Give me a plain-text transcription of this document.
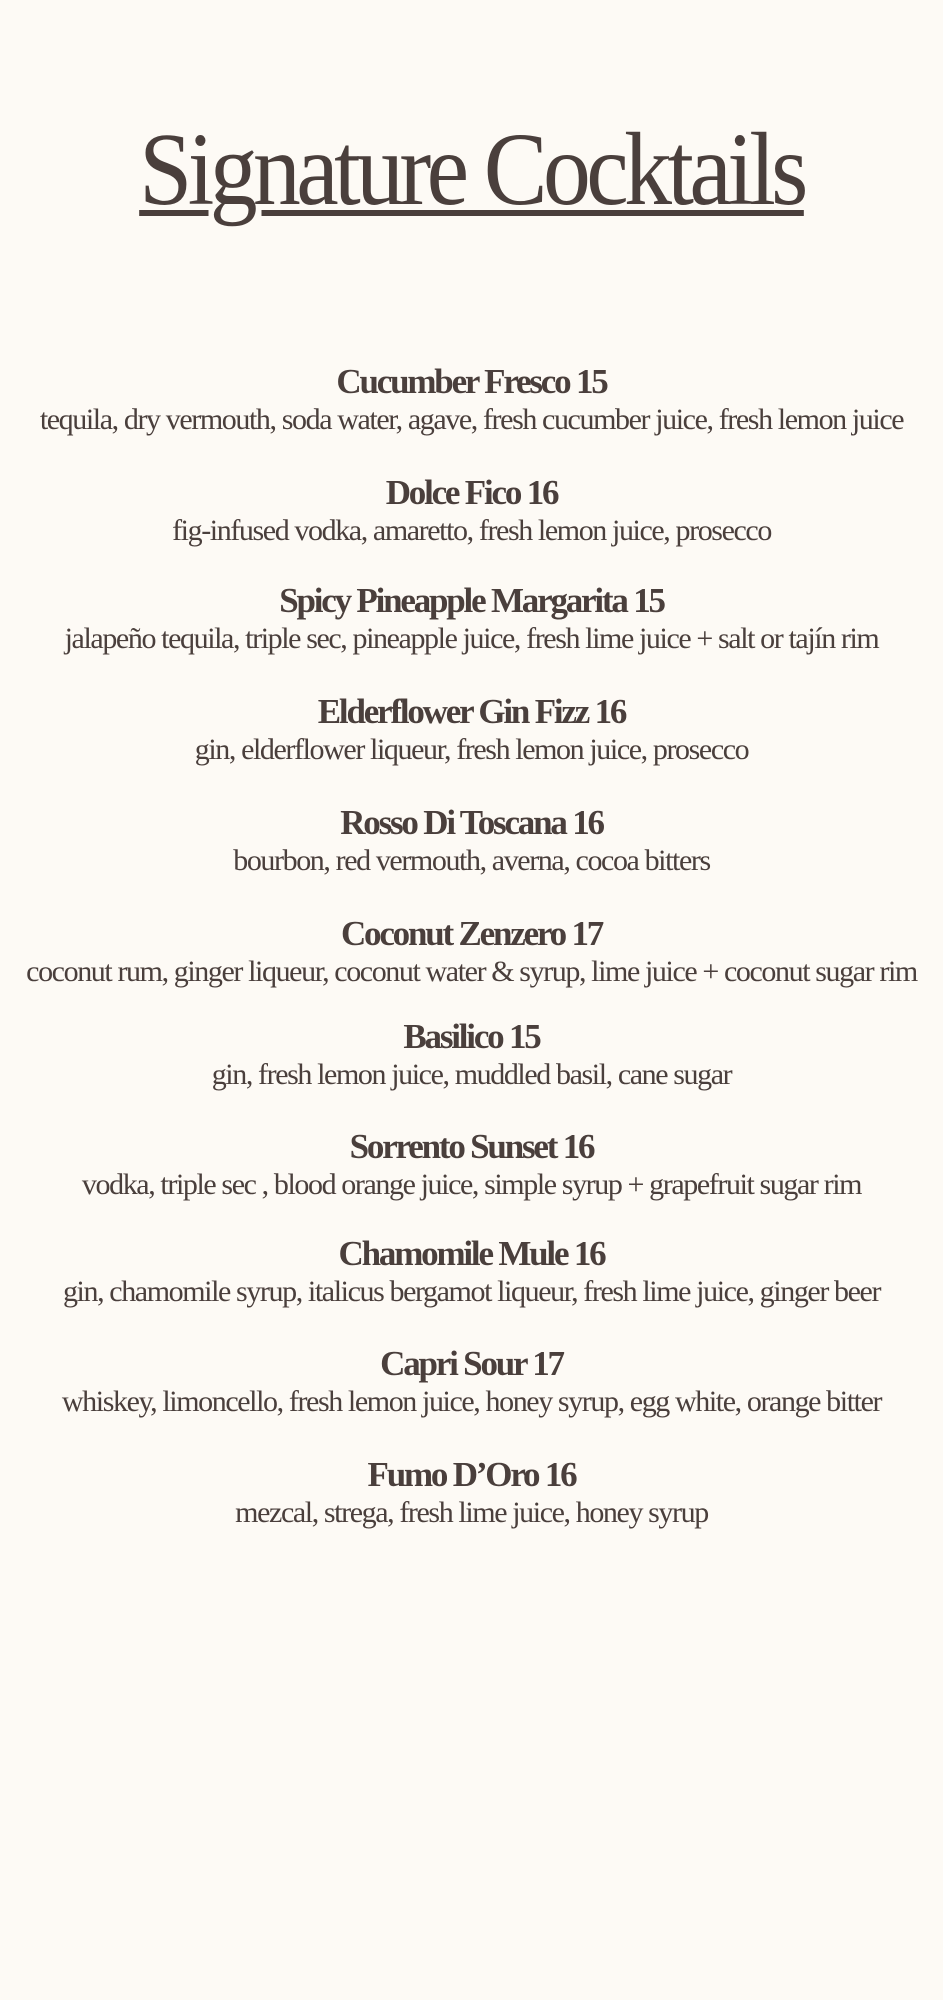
Signature Cocktails
Cucumber Fresco 15
tequila, dry vermouth, soda water, agave, fresh cucumber juice, fresh lemon juice
Dolce Fico 16
fig-infused vodka, amaretto, fresh lemon juice, prosecco
Spicy Pineapple Margarita 15
jalapeño tequila, triple sec, pineapple juice, fresh lime juice + salt or tajín rim
Elderflower Gin Fizz 16
gin, elderflower liqueur, fresh lemon juice, prosecco
Rosso Di Toscana 16
bourbon, red vermouth, averna, cocoa bitters
Coconut Zenzero 17
coconut rum, ginger liqueur, coconut water & syrup, lime juice + coconut sugar rim
Basilico 15
gin, fresh lemon juice, muddled basil, cane sugar
Sorrento Sunset 16
vodka, triple sec , blood orange juice, simple syrup + grapefruit sugar rim
Chamomile Mule 16
gin, chamomile syrup, italicus bergamot liqueur, fresh lime juice, ginger beer
Capri Sour 17
whiskey, limoncello, fresh lemon juice, honey syrup, egg white, orange bitter
Fumo D’Oro 16
mezcal, strega, fresh lime juice, honey syrup
